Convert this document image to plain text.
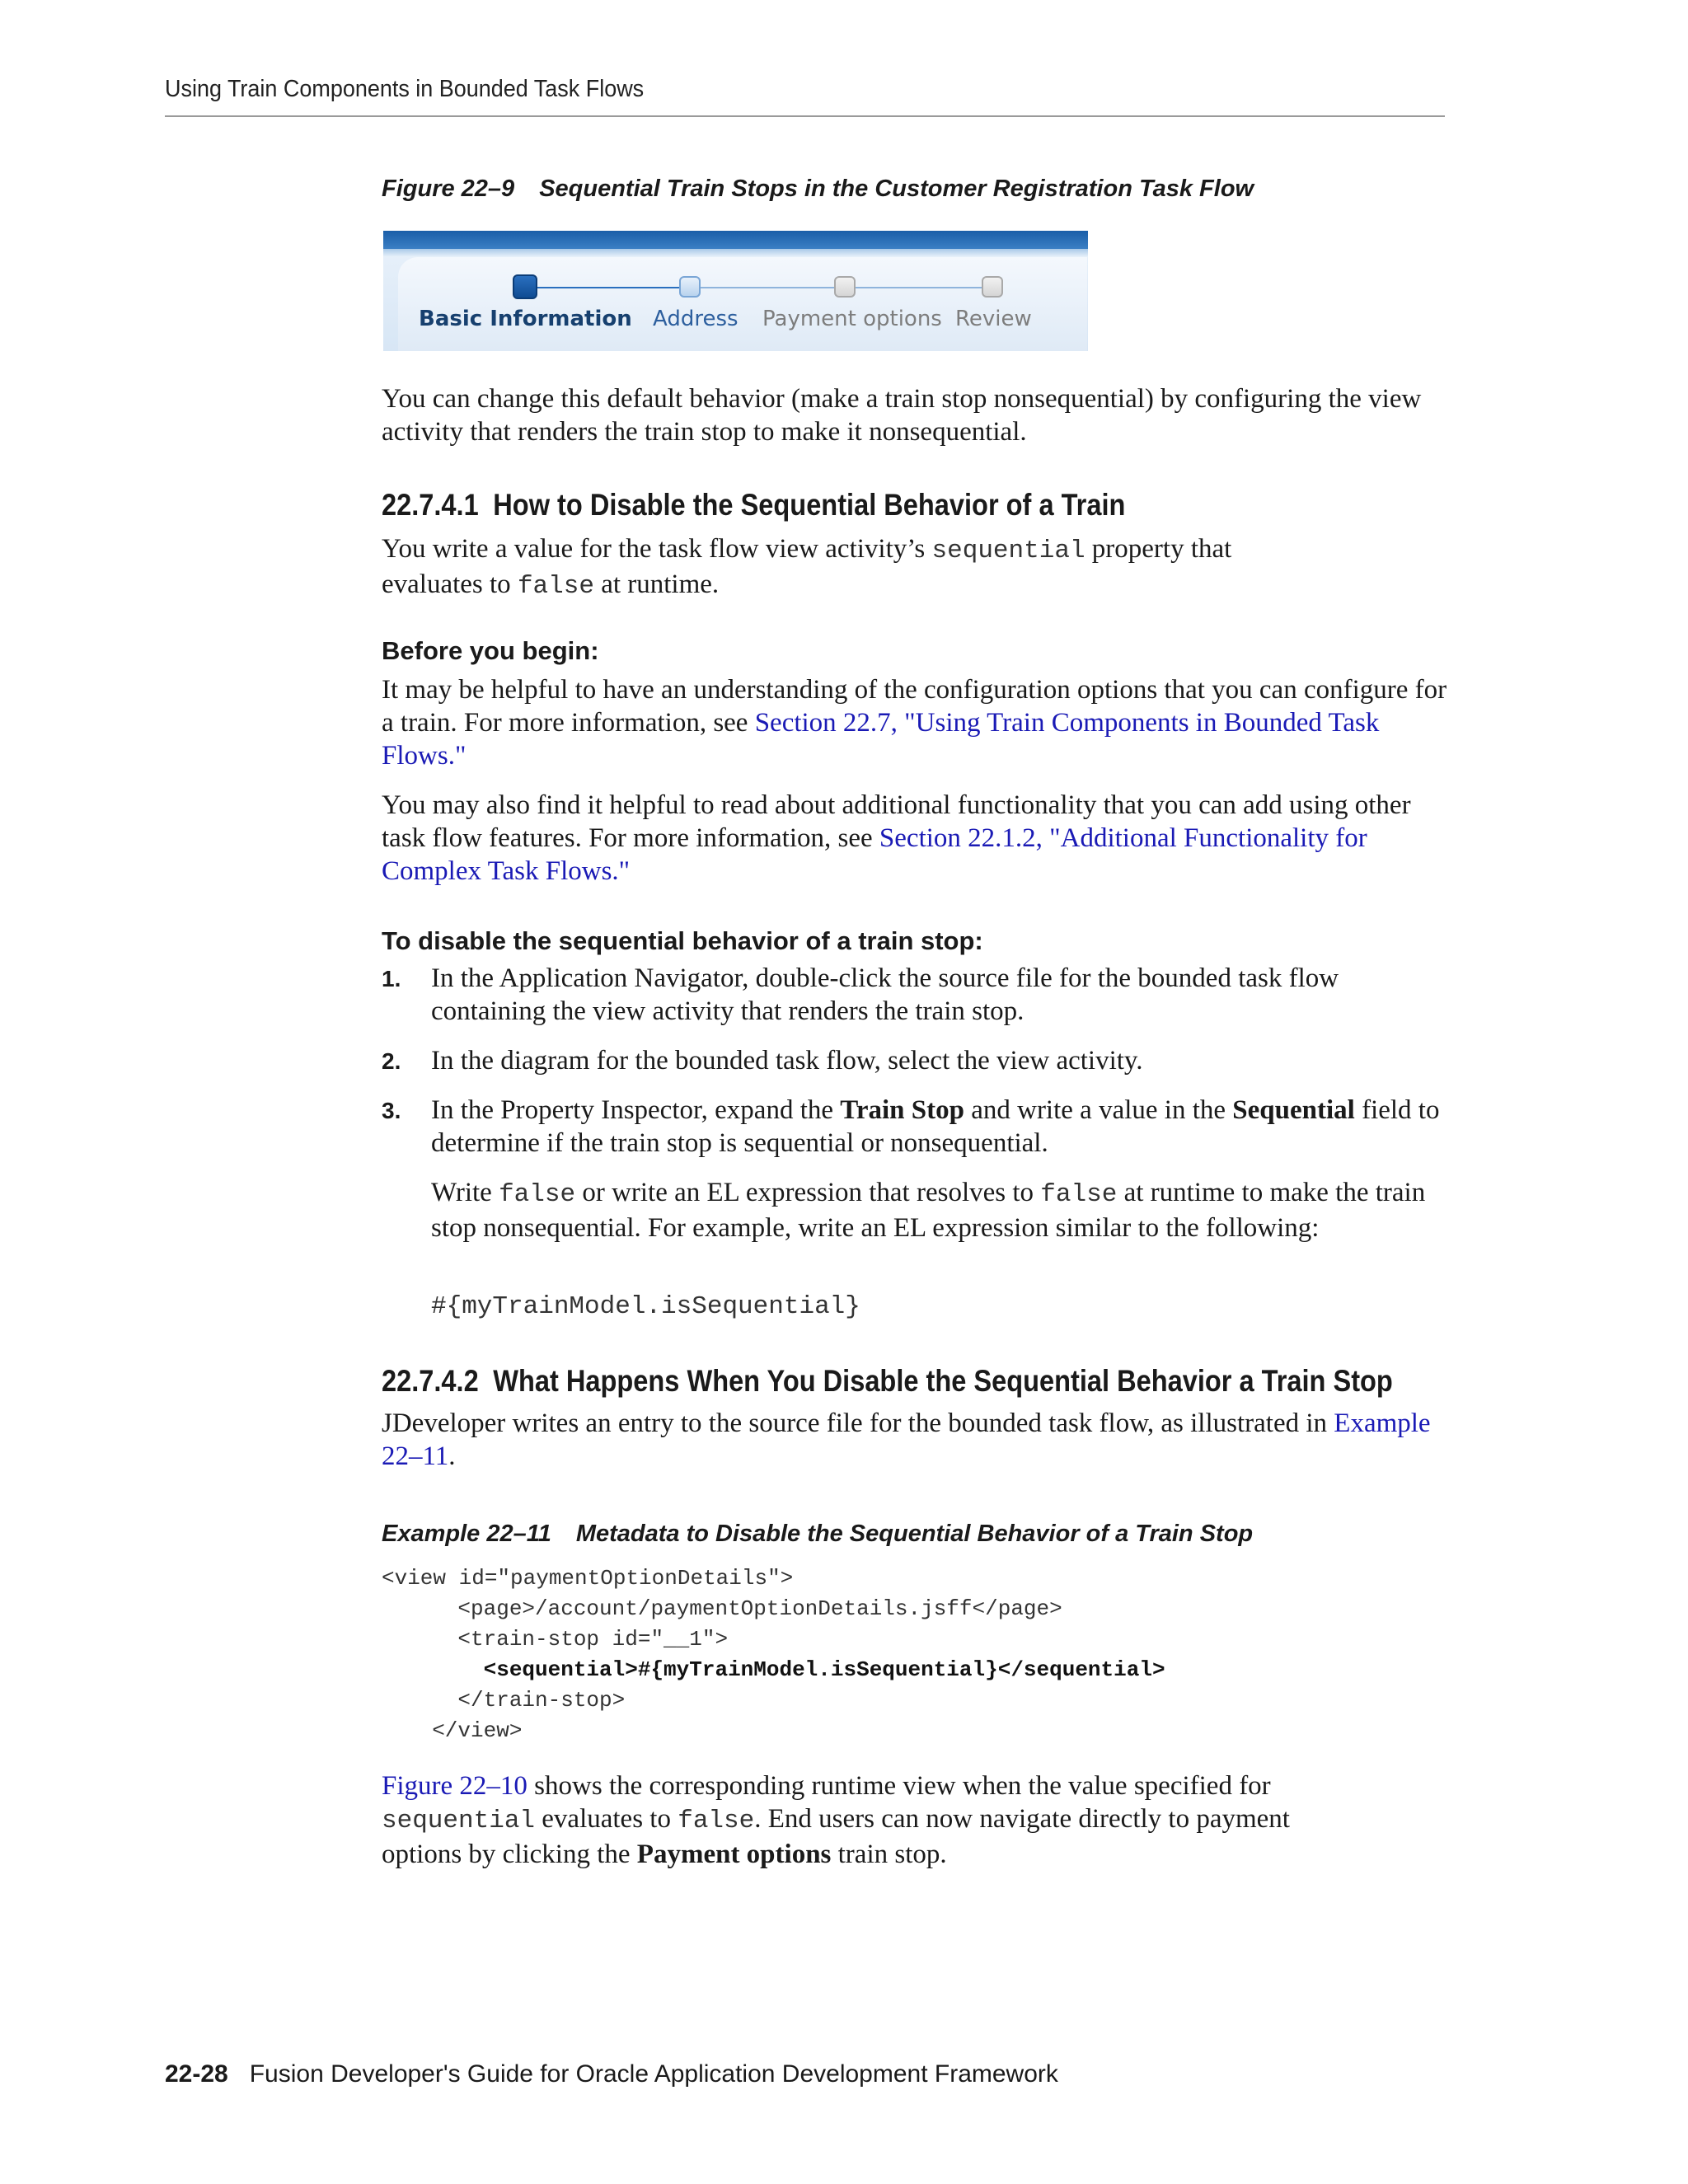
Using Train Components in Bounded Task Flows
Figure 22–9 Sequential Train Stops in the Customer Registration Task Flow
Basic Information Address Payment options Review
You can change this default behavior (make a train stop nonsequential) by configuring the view activity that renders the train stop to make it nonsequential.
22.7.4.1 How to Disable the Sequential Behavior of a Train
You write a value for the task flow view activity’s sequential property that
evaluates to false at runtime.
Before you begin:
It may be helpful to have an understanding of the configuration options that you can configure for a train. For more information, see Section 22.7, "Using Train Components in Bounded Task Flows."
You may also find it helpful to read about additional functionality that you can add using other task flow features. For more information, see Section 22.1.2, "Additional Functionality for Complex Task Flows."
To disable the sequential behavior of a train stop:
1. In the Application Navigator, double-click the source file for the bounded task flow containing the view activity that renders the train stop.
2. In the diagram for the bounded task flow, select the view activity.
3. In the Property Inspector, expand the Train Stop and write a value in the Sequential field to determine if the train stop is sequential or nonsequential.
Write false or write an EL expression that resolves to false at runtime to make the train stop nonsequential. For example, write an EL expression similar to the following:
#{myTrainModel.isSequential}
22.7.4.2 What Happens When You Disable the Sequential Behavior a Train Stop
JDeveloper writes an entry to the source file for the bounded task flow, as illustrated in Example 22–11.
Example 22–11 Metadata to Disable the Sequential Behavior of a Train Stop
<view id="paymentOptionDetails">
<page>/account/paymentOptionDetails.jsff</page>
<train-stop id="__1">
<sequential>#{myTrainModel.isSequential}</sequential>
</train-stop>
</view>
Figure 22–10 shows the corresponding runtime view when the value specified for
sequential evaluates to false. End users can now navigate directly to payment
options by clicking the Payment options train stop.
22-28 Fusion Developer's Guide for Oracle Application Development Framework
